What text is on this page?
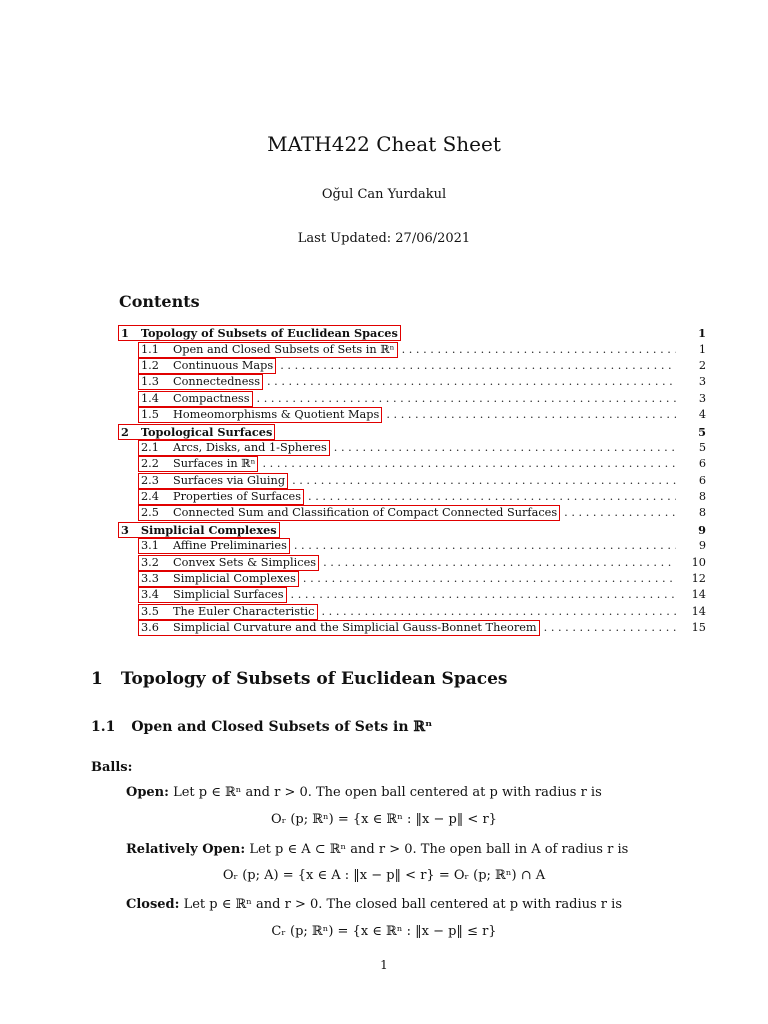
MATH422 Cheat Sheet
Oğul Can Yurdakul
Last Updated: 27/06/2021
Contents
1 Topology of Subsets of Euclidean Spaces	1
1.1 Open and Closed Subsets of Sets in ℝⁿ . . .	1
1.2 Continuous Maps . . .	2
1.3 Connectedness . . .	3
1.4 Compactness . . .	3
1.5 Homeomorphisms & Quotient Maps . . .	4
2 Topological Surfaces	5
2.1 Arcs, Disks, and 1-Spheres . . .	5
2.2 Surfaces in ℝⁿ . . .	6
2.3 Surfaces via Gluing . . .	6
2.4 Properties of Surfaces . . .	8
2.5 Connected Sum and Classification of Compact Connected Surfaces . . .	8
3 Simplicial Complexes	9
3.1 Affine Preliminaries . . .	9
3.2 Convex Sets & Simplices . . .	10
3.3 Simplicial Complexes . . .	12
3.4 Simplicial Surfaces . . .	14
3.5 The Euler Characteristic . . .	14
3.6 Simplicial Curvature and the Simplicial Gauss-Bonnet Theorem . . .	15
1 Topology of Subsets of Euclidean Spaces
1.1 Open and Closed Subsets of Sets in ℝⁿ
Balls:
Open: Let p ∈ ℝⁿ and r > 0. The open ball centered at p with radius r is
Oᵣ (p; ℝⁿ) = {x ∈ ℝⁿ : ‖x − p‖ < r}
Relatively Open: Let p ∈ A ⊂ ℝⁿ and r > 0. The open ball in A of radius r is
Oᵣ (p; A) = {x ∈ A : ‖x − p‖ < r} = Oᵣ (p; ℝⁿ) ∩ A
Closed: Let p ∈ ℝⁿ and r > 0. The closed ball centered at p with radius r is
Cᵣ (p; ℝⁿ) = {x ∈ ℝⁿ : ‖x − p‖ ≤ r}
1
